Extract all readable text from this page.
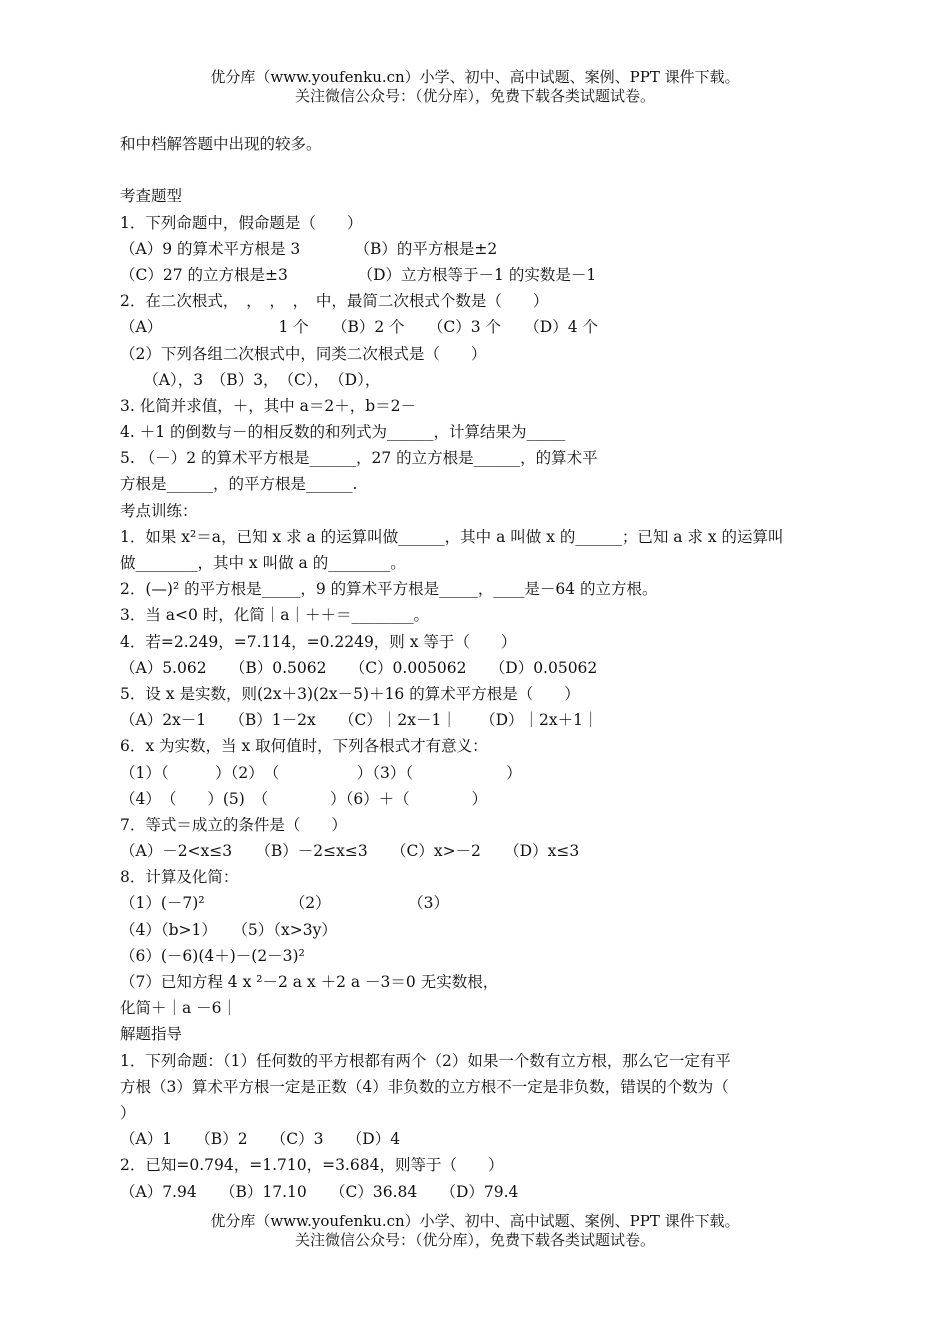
优分库（www.youfenku.cn）小学、初中、高中试题、案例、PPT 课件下载。
关注微信公众号：（优分库），免费下载各类试题试卷。
和中档解答题中出现的较多。
考查题型
1．下列命题中，假命题是（　　）
（A）9 的算术平方根是 3　　　　（B）的平方根是±2
（C）27 的立方根是±3　　　　　（D）立方根等于－1 的实数是－1
2．在二次根式，　，　，　，　中，最简二次根式个数是（　　）
（A）　　　　　　　　1 个　　（B）2 个　　（C）3 个　　（D）4 个
（2）下列各组二次根式中，同类二次根式是（　　）
　　（A），3　（B）3，　（C），　（D），
3. 化简并求值，＋，其中 a＝2＋，b＝2－
4. ＋1 的倒数与－的相反数的和列式为______，计算结果为_____
5. （－）2 的算术平方根是______，27 的立方根是______，的算术平
方根是______，的平方根是______.
考点训练：
1．如果 x²＝a，已知 x 求 a 的运算叫做______，其中 a 叫做 x 的______；已知 a 求 x 的运算叫
做________，其中 x 叫做 a 的________。
2．(—)² 的平方根是_____，9 的算术平方根是_____，____是－64 的立方根。
3．当 a<0 时，化简｜a｜＋＋＝________。
4．若=2.249，=7.114，=0.2249，则 x 等于（　　）
（A）5.062　　（B）0.5062　　（C）0.005062　　（D）0.05062
5．设 x 是实数，则(2x＋3)(2x－5)＋16 的算术平方根是（　　）
（A）2x－1　　（B）1－2x　　（C）｜2x－1｜　　（D）｜2x＋1｜
6．x 为实数，当 x 取何值时，下列各根式才有意义：
（1）（　　　）（2）　（　　　　　）（3）（　　　　　　）
（4）　（　　）(5)　（　　　　）（6）＋（　　　　）
7．等式＝成立的条件是（　　）
（A）－2<x≤3　　（B）－2≤x≤3　　（C）x>－2　　（D）x≤3
8．计算及化简：
（1）(－7)²　　　　　　（2）　　　　　　（3）
（4）（b>1）　　（5）（x>3y）
（6）(－6)(4＋)－(2－3)²
（7）已知方程 4 x ²－2 a x ＋2 a －3＝0 无实数根，
化简＋｜a －6｜
解题指导
1．下列命题：（1）任何数的平方根都有两个（2）如果一个数有立方根，那么它一定有平
方根（3）算术平方根一定是正数（4）非负数的立方根不一定是非负数，错误的个数为（
）
（A）1　　（B）2　　（C）3　　（D）4
2．已知=0.794，=1.710，=3.684，则等于（　　）
（A）7.94　　（B）17.10　　（C）36.84　　（D）79.4
优分库（www.youfenku.cn）小学、初中、高中试题、案例、PPT 课件下载。
关注微信公众号：（优分库），免费下载各类试题试卷。
